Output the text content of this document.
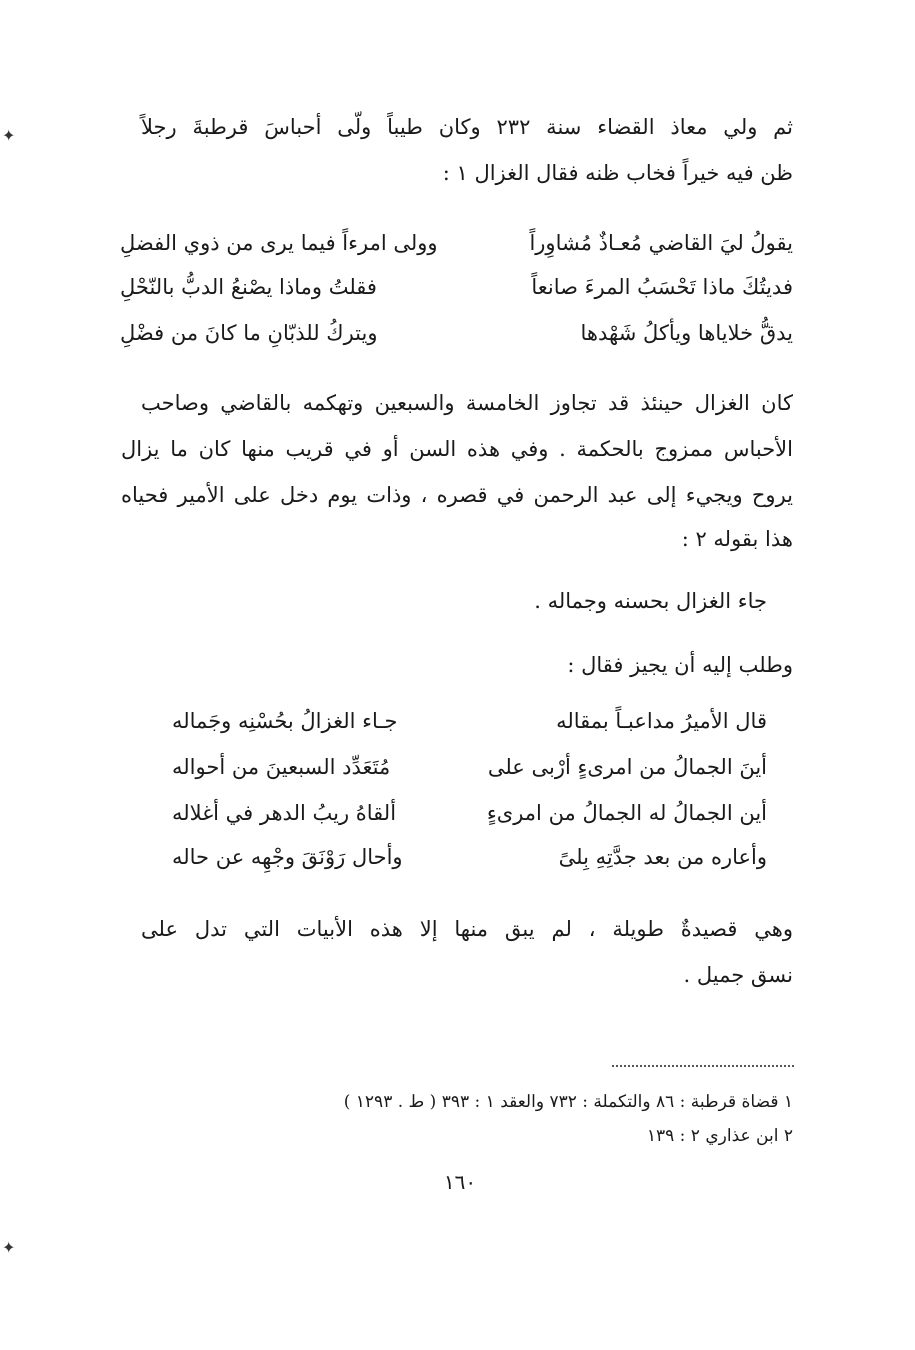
✦	ثم ولي معاذ القضاء سنة ٢٣٢ وكان طيباً ولّى أحباسَ قرطبةَ رجلاً
ظن فيه خيراً فخاب ظنه فقال الغزال ١ :
يقولُ ليَ القاضي مُعـاذٌ مُشاوِراً
وولى امرءاً فيما يرى من ذوي الفضلِ
فديتُكَ ماذا تَحْسَبُ المرءَ صانعاً
فقلتُ وماذا يصْنعُ الدبُّ بالنّحْلِ
يدقُّ خلاياها ويأكلُ شَهْدها
ويتركُ للذبّانِ ما كانَ من فضْلِ
كان الغزال حينئذ قد تجاوز الخامسة والسبعين وتهكمه بالقاضي وصاحب
الأحباس ممزوج بالحكمة . وفي هذه السن أو في قريب منها كان ما يزال
يروح ويجيء إلى عبد الرحمن في قصره ، وذات يوم دخل على الأمير فحياه
هذا بقوله ٢ :
جاء الغزال بحسنه وجماله .
وطلب إليه أن يجيز فقال :
قال الأميرُ مداعبـاً بمقاله
جـاء الغزالُ بحُسْنِه وجَماله
أينَ الجمالُ من امرىءٍ أرْبى على
مُتَعَدِّد السبعينَ من أحواله
أين الجمالُ له الجمالُ من امرىءٍ
ألقاهُ ريبُ الدهر في أغلاله
وأعاره من بعد جدَّتِهِ بِلىً
وأحال رَوْنَقَ وجْهِه عن حاله
وهي قصيدةٌ طويلة ، لم يبق منها إلا هذه الأبيات التي تدل على
نسق جميل .
١ قضاة قرطبة : ٨٦ والتكملة : ٧٣٢ والعقد ١ : ٣٩٣ ( ط . ١٢٩٣ )
٢ ابن عذاري ٢ : ١٣٩
١٦٠
✦
